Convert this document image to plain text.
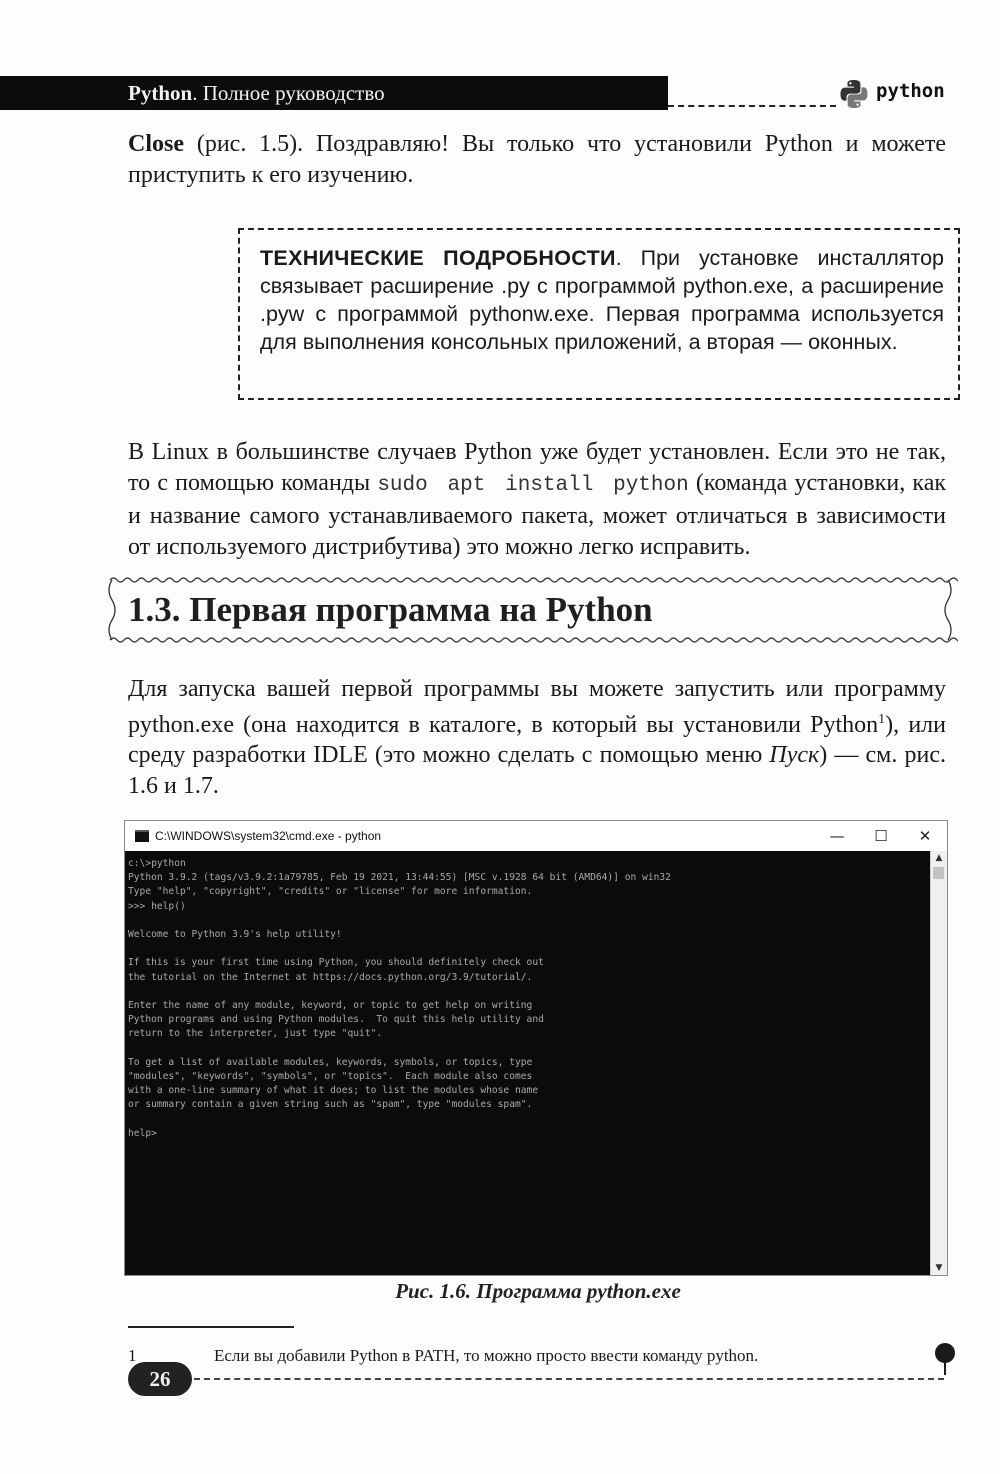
Python. Полное руководство	python

Close (рис. 1.5). Поздравляю! Вы только что установили Python и можете приступить к его изучению.

ТЕХНИЧЕСКИЕ ПОДРОБНОСТИ. При установке инсталлятор связывает расширение .py с программой python.exe, а расширение .pyw с программой pythonw.exe. Первая программа используется для выполнения консольных приложений, а вторая — оконных.

В Linux в большинстве случаев Python уже будет установлен. Если это не так, то с помощью команды sudo apt install python (команда установки, как и название самого устанавливаемого пакета, может отличаться в зависимости от используемого дистрибутива) это можно легко исправить.

1.3. Первая программа на Python

Для запуска вашей первой программы вы можете запустить или программу python.exe (она находится в каталоге, в который вы установили Python$^1$), или среду разработки IDLE (это можно сделать с помощью меню Пуск) — см. рис. 1.6 и 1.7.

C:\WINDOWS\system32\cmd.exe - python	—	☐	✕
c:\>python
Python 3.9.2 (tags/v3.9.2:1a79785, Feb 19 2021, 13:44:55) [MSC v.1928 64 bit (AMD64)] on win32
Type "help", "copyright", "credits" or "license" for more information.
>>> help()
Welcome to Python 3.9's help utility!
If this is your first time using Python, you should definitely check out
the tutorial on the Internet at https://docs.python.org/3.9/tutorial/.
Enter the name of any module, keyword, or topic to get help on writing
Python programs and using Python modules.  To quit this help utility and
return to the interpreter, just type "quit".
To get a list of available modules, keywords, symbols, or topics, type
"modules", "keywords", "symbols", or "topics".  Each module also comes
with a one-line summary of what it does; to list the modules whose name
or summary contain a given string such as "spam", type "modules spam".
help>
▲
▼
Рис. 1.6. Программа python.exe
1	Если вы добавили Python в PATH, то можно просто ввести команду python.
26
